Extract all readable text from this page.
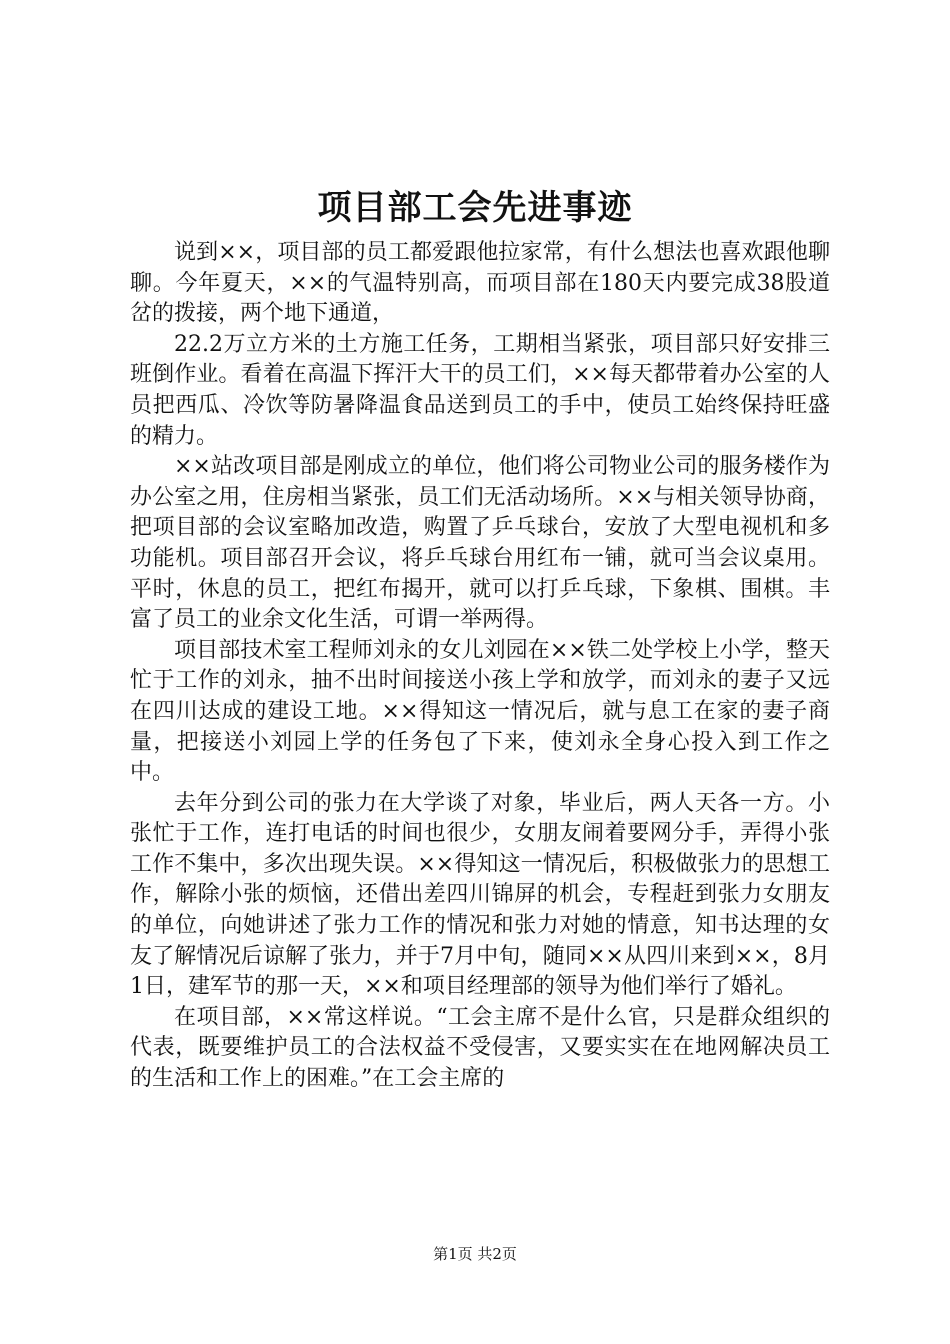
项目部工会先进事迹

说到××，项目部的员工都爱跟他拉家常，有什么想法也喜欢跟他聊聊。今年夏天，××的气温特别高，而项目部在180天内要完成38股道岔的拨接，两个地下通道，

22.2万立方米的土方施工任务，工期相当紧张，项目部只好安排三班倒作业。看着在高温下挥汗大干的员工们，××每天都带着办公室的人员把西瓜、冷饮等防暑降温食品送到员工的手中，使员工始终保持旺盛的精力。

××站改项目部是刚成立的单位，他们将公司物业公司的服务楼作为办公室之用，住房相当紧张，员工们无活动场所。××与相关领导协商，把项目部的会议室略加改造，购置了乒乓球台，安放了大型电视机和多功能机。项目部召开会议，将乒乓球台用红布一铺，就可当会议桌用。平时，休息的员工，把红布揭开，就可以打乒乓球，下象棋、围棋。丰富了员工的业余文化生活，可谓一举两得。

项目部技术室工程师刘永的女儿刘园在××铁二处学校上小学，整天忙于工作的刘永，抽不出时间接送小孩上学和放学，而刘永的妻子又远在四川达成的建设工地。××得知这一情况后，就与息工在家的妻子商量，把接送小刘园上学的任务包了下来，使刘永全身心投入到工作之中。

去年分到公司的张力在大学谈了对象，毕业后，两人天各一方。小张忙于工作，连打电话的时间也很少，女朋友闹着要网分手，弄得小张工作不集中，多次出现失误。××得知这一情况后，积极做张力的思想工作，解除小张的烦恼，还借出差四川锦屏的机会，专程赶到张力女朋友的单位，向她讲述了张力工作的情况和张力对她的情意，知书达理的女友了解情况后谅解了张力，并于7月中旬，随同××从四川来到××，8月1日，建军节的那一天，××和项目经理部的领导为他们举行了婚礼。

在项目部，××常这样说。“工会主席不是什么官，只是群众组织的代表，既要维护员工的合法权益不受侵害，又要实实在在地网解决员工的生活和工作上的困难。”在工会主席的

第1页 共2页
